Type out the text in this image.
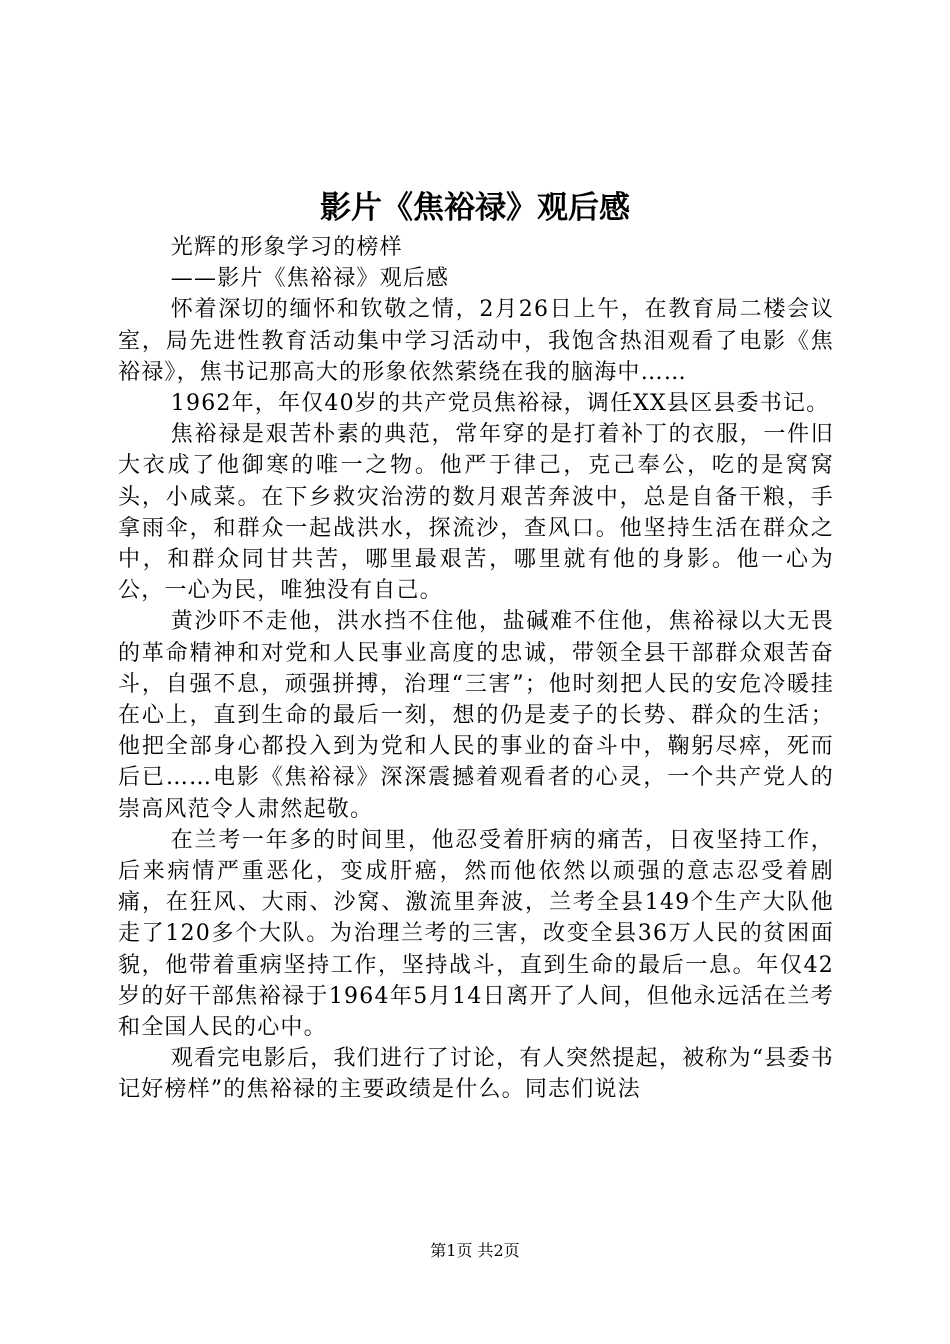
影片《焦裕禄》观后感

光辉的形象学习的榜样

——影片《焦裕禄》观后感

怀着深切的缅怀和钦敬之情，2月26日上午，在教育局二楼会议室，局先进性教育活动集中学习活动中，我饱含热泪观看了电影《焦裕禄》，焦书记那高大的形象依然萦绕在我的脑海中……

1962年，年仅40岁的共产党员焦裕禄，调任XX县区县委书记。

焦裕禄是艰苦朴素的典范，常年穿的是打着补丁的衣服，一件旧大衣成了他御寒的唯一之物。他严于律己，克己奉公，吃的是窝窝头，小咸菜。在下乡救灾治涝的数月艰苦奔波中，总是自备干粮，手拿雨伞，和群众一起战洪水，探流沙，查风口。他坚持生活在群众之中，和群众同甘共苦，哪里最艰苦，哪里就有他的身影。他一心为公，一心为民，唯独没有自己。

黄沙吓不走他，洪水挡不住他，盐碱难不住他，焦裕禄以大无畏的革命精神和对党和人民事业高度的忠诚，带领全县干部群众艰苦奋斗，自强不息，顽强拼搏，治理“三害”；他时刻把人民的安危冷暖挂在心上，直到生命的最后一刻，想的仍是麦子的长势、群众的生活；他把全部身心都投入到为党和人民的事业的奋斗中，鞠躬尽瘁，死而后已……电影《焦裕禄》深深震撼着观看者的心灵，一个共产党人的崇高风范令人肃然起敬。

在兰考一年多的时间里，他忍受着肝病的痛苦，日夜坚持工作，后来病情严重恶化，变成肝癌，然而他依然以顽强的意志忍受着剧痛，在狂风、大雨、沙窝、激流里奔波，兰考全县149个生产大队他走了120多个大队。为治理兰考的三害，改变全县36万人民的贫困面貌，他带着重病坚持工作，坚持战斗，直到生命的最后一息。年仅42岁的好干部焦裕禄于1964年5月14日离开了人间，但他永远活在兰考和全国人民的心中。

观看完电影后，我们进行了讨论，有人突然提起，被称为“县委书记好榜样”的焦裕禄的主要政绩是什么。同志们说法

第1页 共2页
